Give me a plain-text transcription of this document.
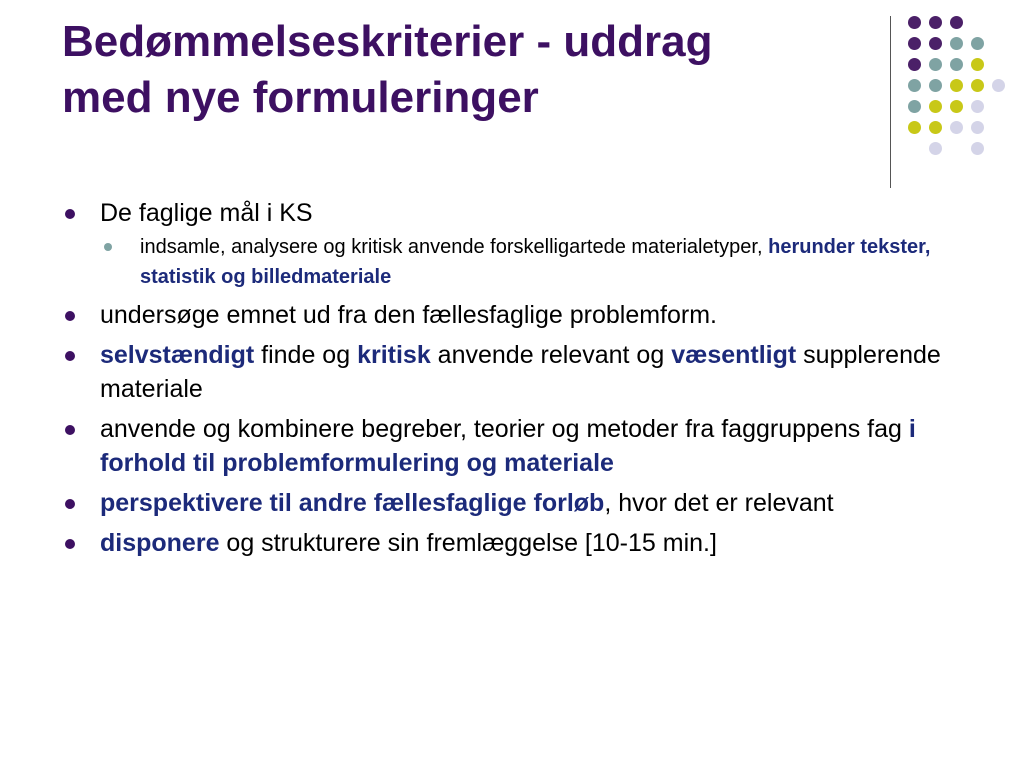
Bedømmelseskriterier - uddrag
med nye formuleringer
De faglige mål i KS
indsamle, analysere og kritisk anvende forskelligartede materialetyper, herunder tekster, statistik og billedmateriale
undersøge emnet ud fra den fællesfaglige problemform.
selvstændigt finde og kritisk anvende relevant og væsentligt supplerende materiale
anvende og kombinere begreber, teorier og metoder fra faggruppens fag i forhold til problemformulering og materiale
perspektivere til andre fællesfaglige forløb, hvor det er relevant
disponere og strukturere sin fremlæggelse [10-15 min.]
